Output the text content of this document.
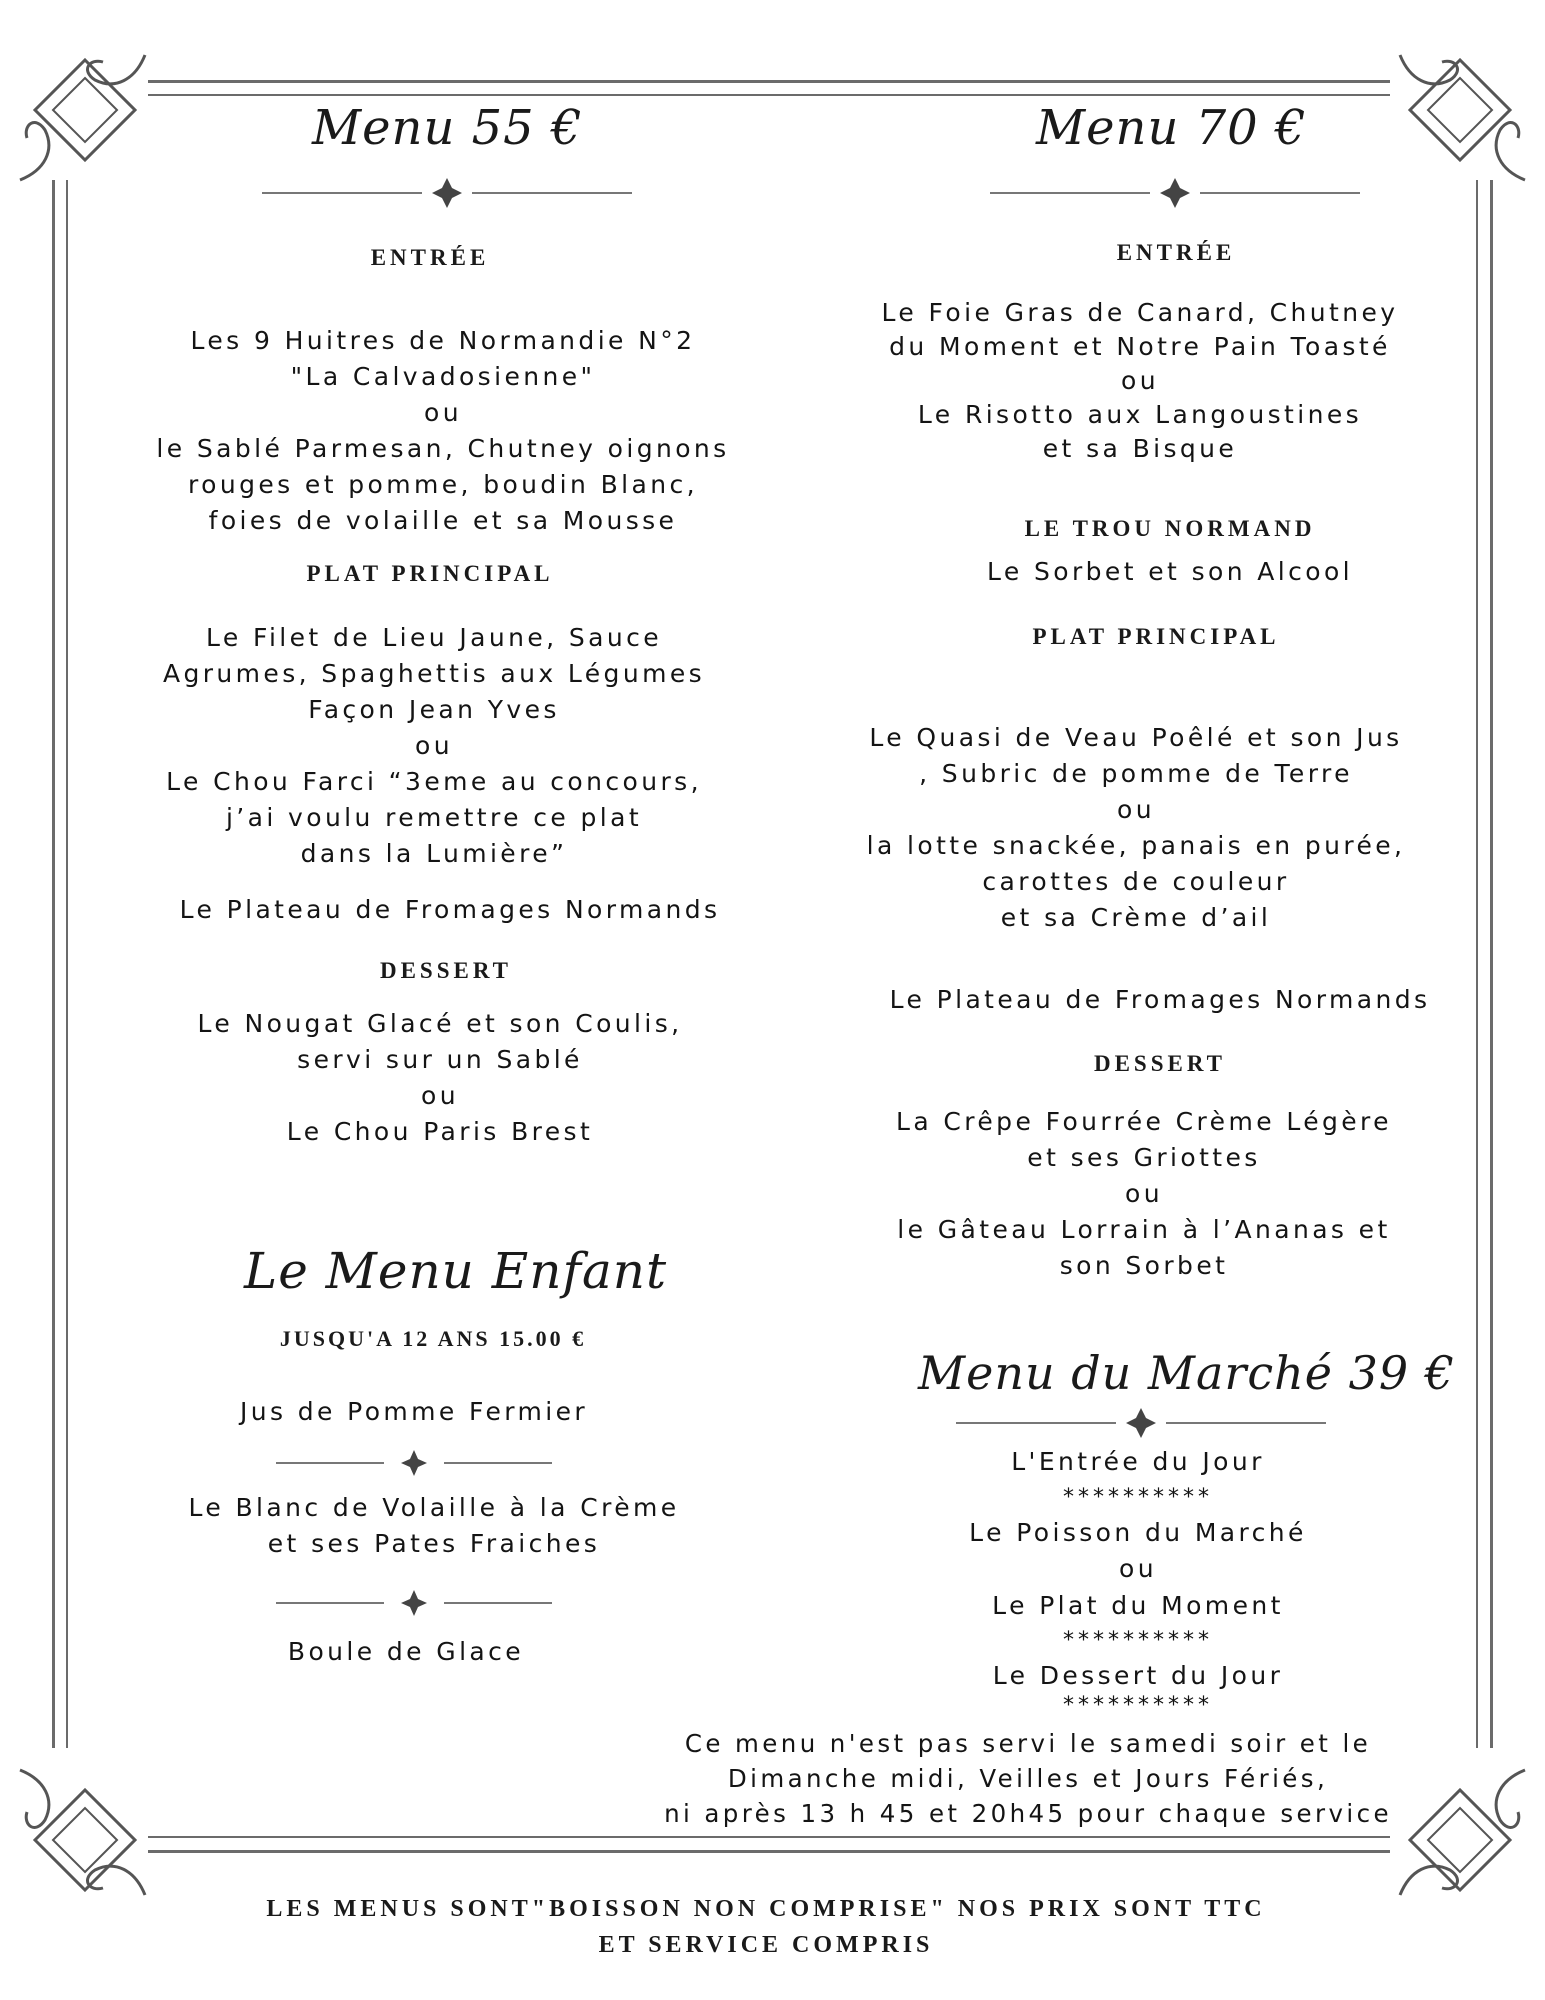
Menu 55 €
ENTRÉE
Les 9 Huitres de Normandie N°2
"La Calvadosienne"
ou
le Sablé Parmesan, Chutney oignons
rouges et pomme, boudin Blanc,
foies de volaille et sa Mousse
PLAT PRINCIPAL
Le Filet de Lieu Jaune, Sauce
Agrumes, Spaghettis aux Légumes
Façon Jean Yves
ou
Le Chou Farci “3eme au concours,
j’ai voulu remettre ce plat
dans la Lumière”
Le Plateau de Fromages Normands
DESSERT
Le Nougat Glacé et son Coulis,
servi sur un Sablé
ou
Le Chou Paris Brest
Menu 70 €
ENTRÉE
Le Foie Gras de Canard, Chutney
du Moment et Notre Pain Toasté
ou
Le Risotto aux Langoustines
et sa Bisque
LE TROU NORMAND
Le Sorbet et son Alcool
PLAT PRINCIPAL
Le Quasi de Veau Poêlé et son Jus
, Subric de pomme de Terre
ou
la lotte snackée, panais en purée,
carottes de couleur
et sa Crème d’ail
Le Plateau de Fromages Normands
DESSERT
La Crêpe Fourrée Crème Légère
et ses Griottes
ou
le Gâteau Lorrain à l’Ananas et
son Sorbet
Le Menu Enfant
JUSQU'A 12 ANS 15.00 €
Jus de Pomme Fermier
Le Blanc de Volaille à la Crème
et ses Pates Fraiches
Boule de Glace
Menu du Marché 39 €
L'Entrée du Jour
**********
Le Poisson du Marché
ou
Le Plat du Moment
**********
Le Dessert du Jour
**********
Ce menu n'est pas servi le samedi soir et le
Dimanche midi, Veilles et Jours Fériés,
ni après 13 h 45 et 20h45 pour chaque service
LES MENUS SONT"BOISSON NON COMPRISE" NOS PRIX SONT TTC
ET SERVICE COMPRIS
